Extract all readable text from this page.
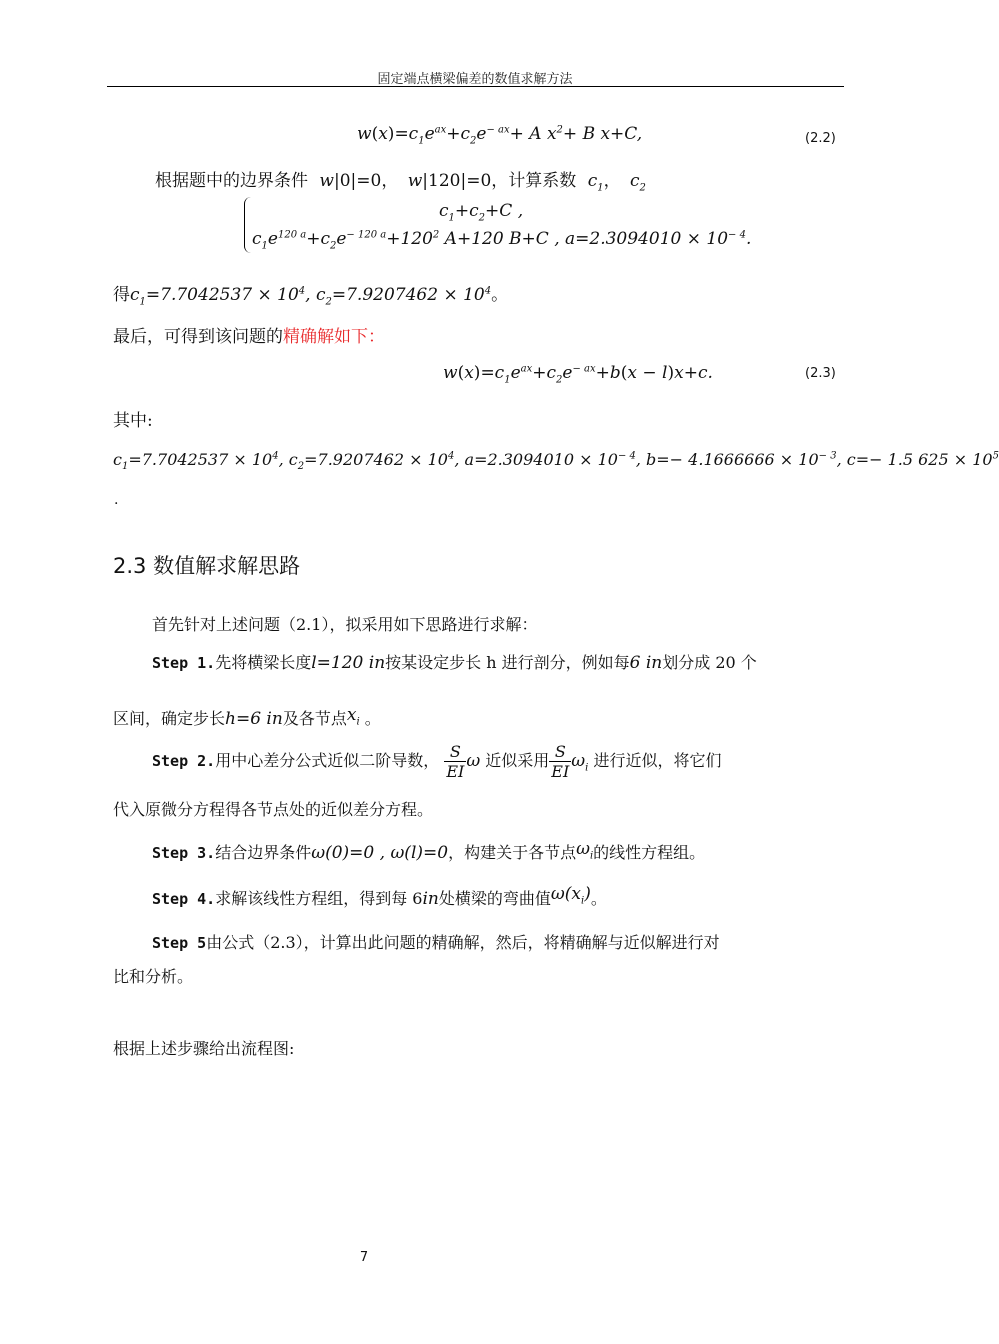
固定端点横梁偏差的数值求解方法
$w(x)=c_1e^{ax}+c_2e^{- ax}+ A$ $x^2+ B$ x+C,	(2.2)
根据题中的边界条件 w|0|=0， w|120|=0，计算系数 $c_1$， $c_2$
$c_1+c_2+C$ ,
$c_1e^{120 a}+c_2e^{- 120 a}+120^2$ A+120 B+C , $a=2.3094010 \times 10^{- 4}$.
得$c_1=7.7042537 \times 10^4$, $c_2=7.9207462 \times 10^4$。
最后，可得到该问题的精确解如下：
$w(x)=c_1e^{ax}+c_2e^{- ax}+b(x - l)x+c$.	(2.3)
其中:
$c_1=7.7042537 \times 10^4$, $c_2=7.9207462 \times 10^4$, $a=2.3094010 \times 10^{- 4}$, $b=- 4.1666666 \times 10^{- 3}$, c=− 1.5 $625 \times 10^5$
.
2.3 数值解求解思路
首先针对上述问题（2.1），拟采用如下思路进行求解：
Step 1.先将横梁长度l=120 in按某设定步长 h 进行剖分，例如每6 in划分成 20 个
区间，确定步长h=6 in及各节点$x_i$ 。
Step 2.用中心差分公式近似二阶导数， $\frac{S}{EI}$ ω 近似采用 $\frac{S}{EI} \omega_i$ 进行近似，将它们
代入原微分方程得各节点处的近似差分方程。
Step 3.结合边界条件ω(0)=0 , ω(l)=0，构建关于各节点$\omega_i$的线性方程组。
Step 4.求解该线性方程组，得到每 6in处横梁的弯曲值$\omega(x_i)$。
Step 5由公式（2.3），计算出此问题的精确解，然后，将精确解与近似解进行对
比和分析。
根据上述步骤给出流程图:
7
